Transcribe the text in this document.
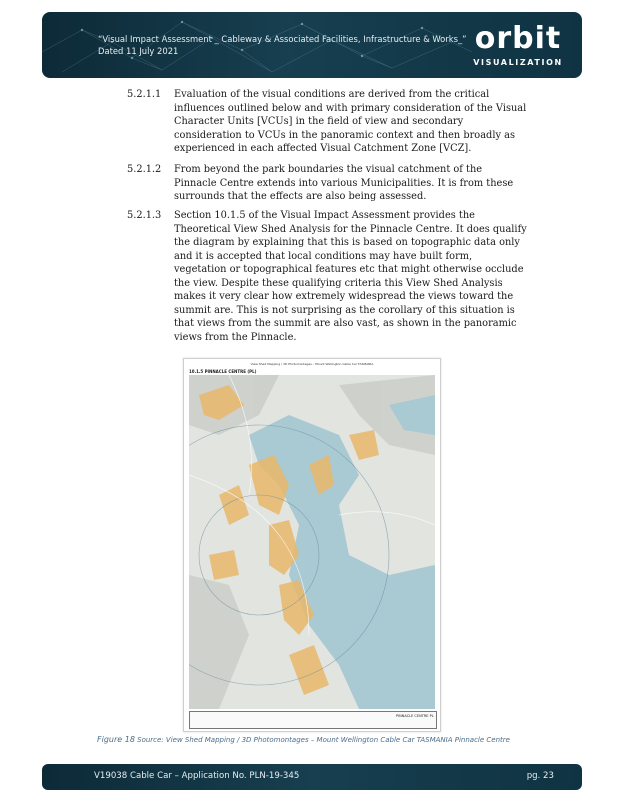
“Visual Impact Assessment _ Cableway & Associated Facilities, Infrastructure & Works_”
Dated 11 July 2021	orbit
VISUALIZATION
5.2.1.1 Evaluation of the visual conditions are derived from the critical influences outlined below and with primary consideration of the Visual Character Units [VCUs] in the field of view and secondary consideration to VCUs in the panoramic context and then broadly as experienced in each affected Visual Catchment Zone [VCZ].
5.2.1.2 From beyond the park boundaries the visual catchment of the Pinnacle Centre extends into various Municipalities. It is from these surrounds that the effects are also being assessed.
5.2.1.3 Section 10.1.5 of the Visual Impact Assessment provides the Theoretical View Shed Analysis for the Pinnacle Centre. It does qualify the diagram by explaining that this is based on topographic data only and it is accepted that local conditions may have built form, vegetation or topographical features etc that might otherwise occlude the view. Despite these qualifying criteria this View Shed Analysis makes it very clear how extremely widespread the views toward the summit are. This is not surprising as the corollary of this situation is that views from the summit are also vast, as shown in the panoramic views from the Pinnacle.
View Shed Mapping / 3D Photomontages – Mount Wellington Cable Car TASMANIA
10.1.5 PINNACLE CENTRE (PL)
PINNACLE CENTRE PL
Figure 18 Source: View Shed Mapping / 3D Photomontages – Mount Wellington Cable Car TASMANIA Pinnacle Centre
V19038 Cable Car – Application No. PLN-19-345	pg. 23
